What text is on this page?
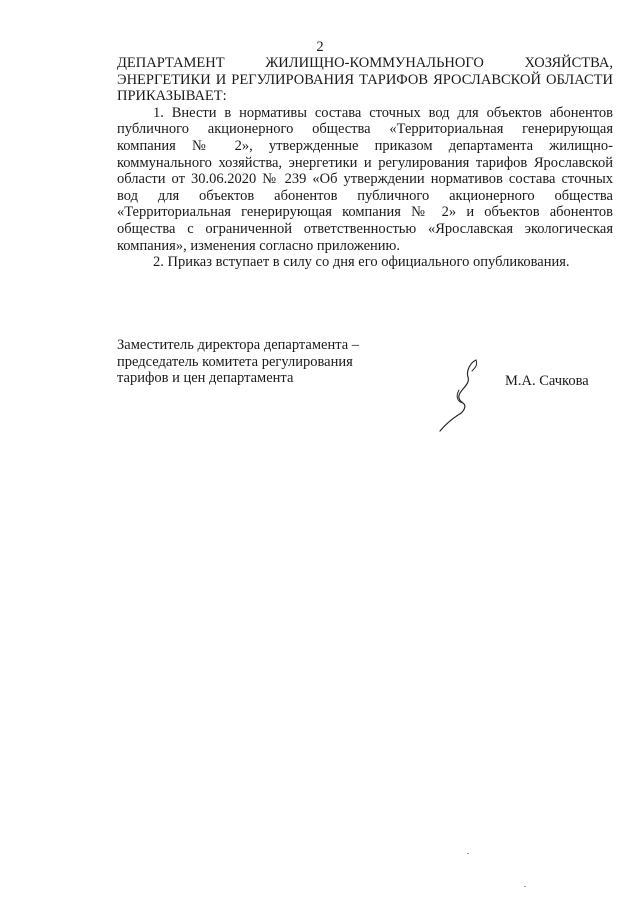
2

ДЕПАРТАМЕНТ ЖИЛИЩНО-КОММУНАЛЬНОГО ХОЗЯЙСТВА, ЭНЕРГЕТИКИ И РЕГУЛИРОВАНИЯ ТАРИФОВ ЯРОСЛАВСКОЙ ОБЛАСТИ ПРИКАЗЫВАЕТ:

1. Внести в нормативы состава сточных вод для объектов абонентов публичного акционерного общества «Территориальная генерирующая компания № 2», утвержденные приказом департамента жилищно-коммунального хозяйства, энергетики и регулирования тарифов Ярославской области от 30.06.2020 № 239 «Об утверждении нормативов состава сточных вод для объектов абонентов публичного акционерного общества «Территориальная генерирующая компания № 2» и объектов абонентов общества с ограниченной ответственностью «Ярославская экологическая компания», изменения согласно приложению.

2. Приказ вступает в силу со дня его официального опубликования.

Заместитель директора департамента –
председатель комитета регулирования
тарифов и цен департамента	М.А. Сачкова
